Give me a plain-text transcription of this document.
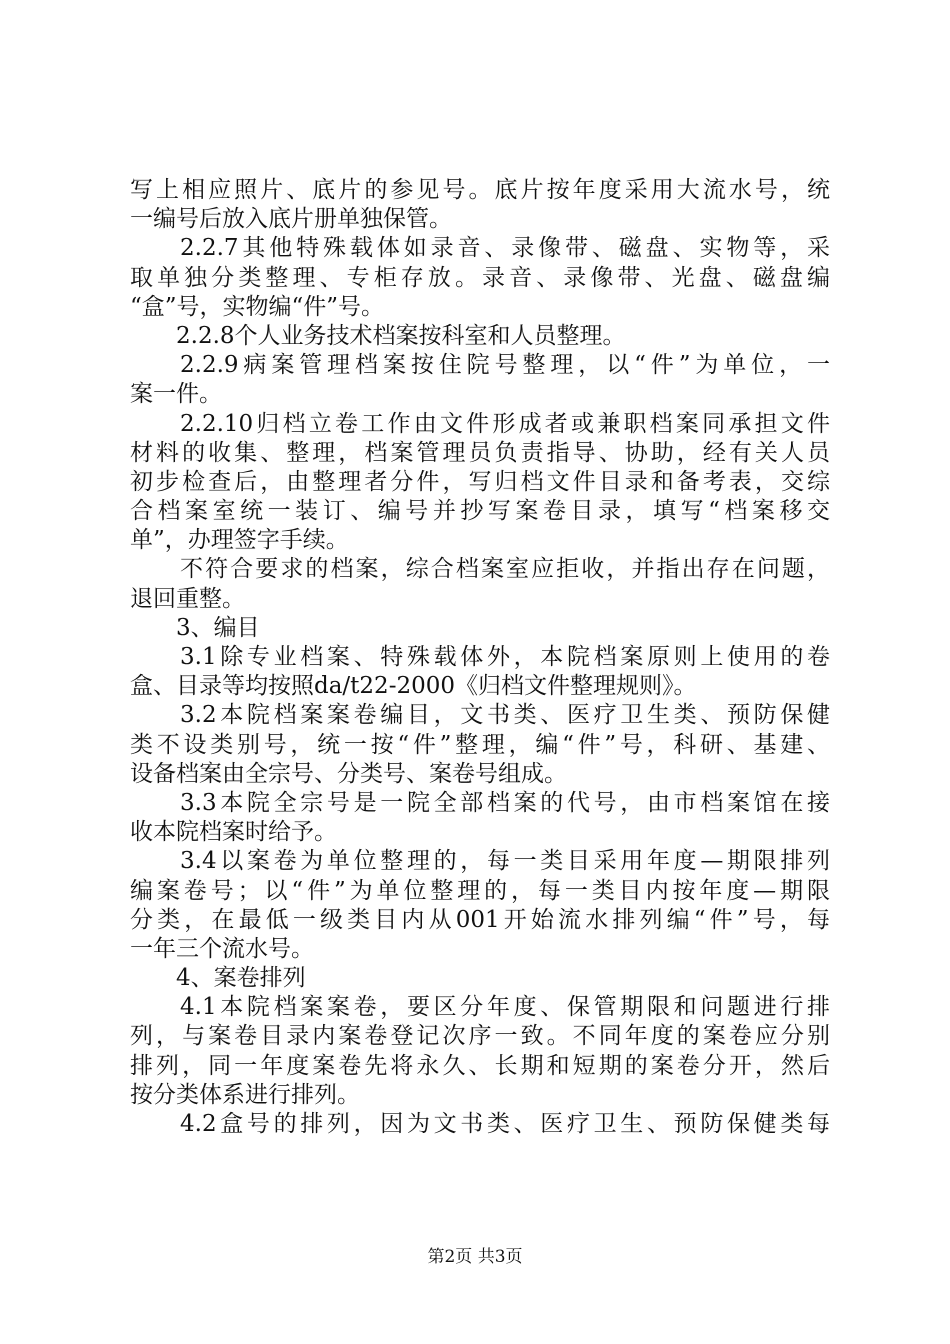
写上相应照片、底片的参见号。底片按年度采用大流水号，统
一编号后放入底片册单独保管。
2.2.7其他特殊载体如录音、录像带、磁盘、实物等，采
取单独分类整理、专柜存放。录音、录像带、光盘、磁盘编
“盒”号，实物编“件”号。
2.2.8个人业务技术档案按科室和人员整理。
2.2.9病案管理档案按住院号整理，以“件”为单位，一
案一件。
2.2.10归档立卷工作由文件形成者或兼职档案同承担文件
材料的收集、整理，档案管理员负责指导、协助，经有关人员
初步检查后，由整理者分件，写归档文件目录和备考表，交综
合档案室统一装订、编号并抄写案卷目录，填写“档案移交
单”，办理签字手续。
不符合要求的档案，综合档案室应拒收，并指出存在问题，
退回重整。
3、编目
3.1除专业档案、特殊载体外，本院档案原则上使用的卷
盒、目录等均按照da/t22-2000《归档文件整理规则》。
3.2本院档案案卷编目，文书类、医疗卫生类、预防保健
类不设类别号，统一按“件”整理，编“件”号，科研、基建、
设备档案由全宗号、分类号、案卷号组成。
3.3本院全宗号是一院全部档案的代号，由市档案馆在接
收本院档案时给予。
3.4以案卷为单位整理的，每一类目采用年度—期限排列
编案卷号；以“件”为单位整理的，每一类目内按年度—期限
分类，在最低一级类目内从001开始流水排列编“件”号，每
一年三个流水号。
4、案卷排列
4.1本院档案案卷，要区分年度、保管期限和问题进行排
列，与案卷目录内案卷登记次序一致。不同年度的案卷应分别
排列，同一年度案卷先将永久、长期和短期的案卷分开，然后
按分类体系进行排列。
4.2盒号的排列，因为文书类、医疗卫生、预防保健类每
第2页 共3页
